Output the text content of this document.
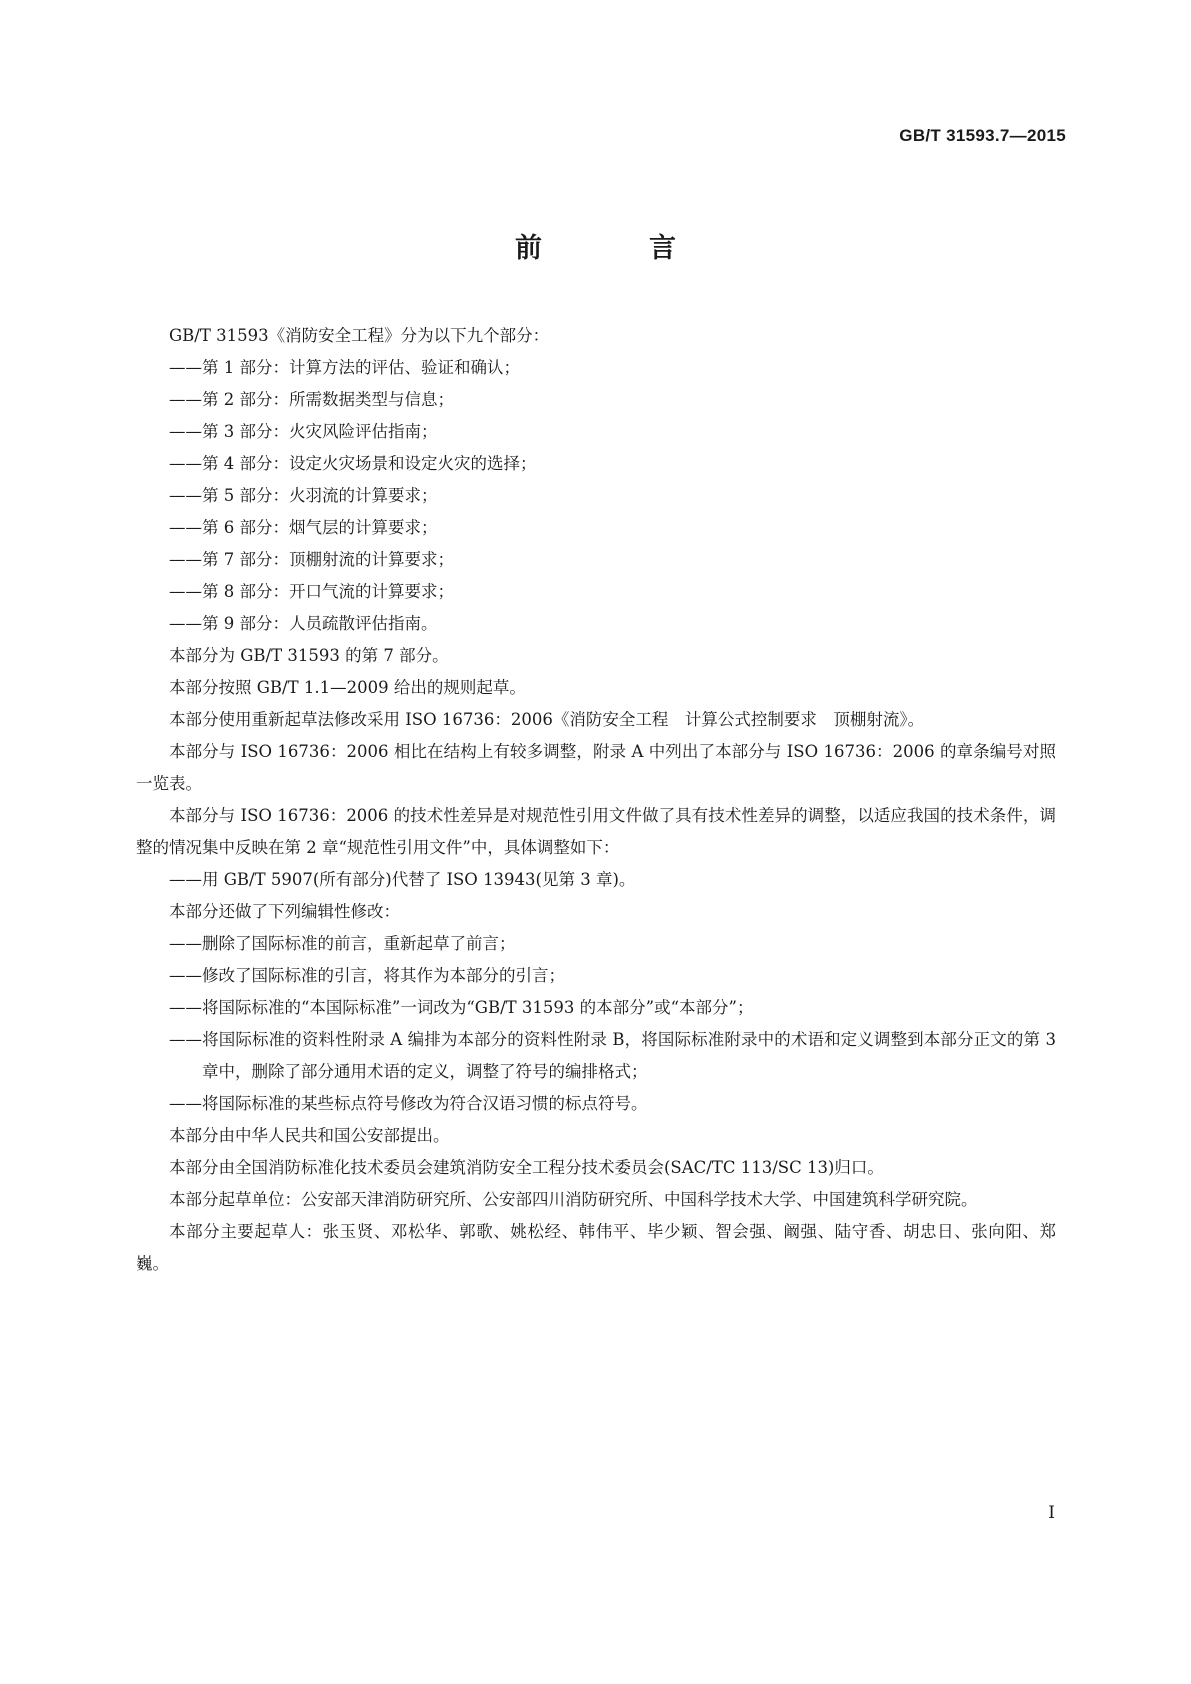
GB/T 31593.7—2015
前　言

GB/T 31593《消防安全工程》分为以下九个部分：

——第 1 部分：计算方法的评估、验证和确认；

——第 2 部分：所需数据类型与信息；

——第 3 部分：火灾风险评估指南；

——第 4 部分：设定火灾场景和设定火灾的选择；

——第 5 部分：火羽流的计算要求；

——第 6 部分：烟气层的计算要求；

——第 7 部分：顶棚射流的计算要求；

——第 8 部分：开口气流的计算要求；

——第 9 部分：人员疏散评估指南。

本部分为 GB/T 31593 的第 7 部分。

本部分按照 GB/T 1.1—2009 给出的规则起草。

本部分使用重新起草法修改采用 ISO 16736：2006《消防安全工程　计算公式控制要求　顶棚射流》。

本部分与 ISO 16736：2006 相比在结构上有较多调整，附录 A 中列出了本部分与 ISO 16736：2006 的章条编号对照一览表。

本部分与 ISO 16736：2006 的技术性差异是对规范性引用文件做了具有技术性差异的调整，以适应我国的技术条件，调整的情况集中反映在第 2 章“规范性引用文件”中，具体调整如下：

——用 GB/T 5907(所有部分)代替了 ISO 13943(见第 3 章)。

本部分还做了下列编辑性修改：

——删除了国际标准的前言，重新起草了前言；

——修改了国际标准的引言，将其作为本部分的引言；

——将国际标准的“本国际标准”一词改为“GB/T 31593 的本部分”或“本部分”；

——将国际标准的资料性附录 A 编排为本部分的资料性附录 B，将国际标准附录中的术语和定义调整到本部分正文的第 3 章中，删除了部分通用术语的定义，调整了符号的编排格式；

——将国际标准的某些标点符号修改为符合汉语习惯的标点符号。

本部分由中华人民共和国公安部提出。

本部分由全国消防标准化技术委员会建筑消防安全工程分技术委员会(SAC/TC 113/SC 13)归口。

本部分起草单位：公安部天津消防研究所、公安部四川消防研究所、中国科学技术大学、中国建筑科学研究院。

本部分主要起草人：张玉贤、邓松华、郭歌、姚松经、韩伟平、毕少颖、智会强、阚强、陆守香、胡忠日、张向阳、郑巍。

I
